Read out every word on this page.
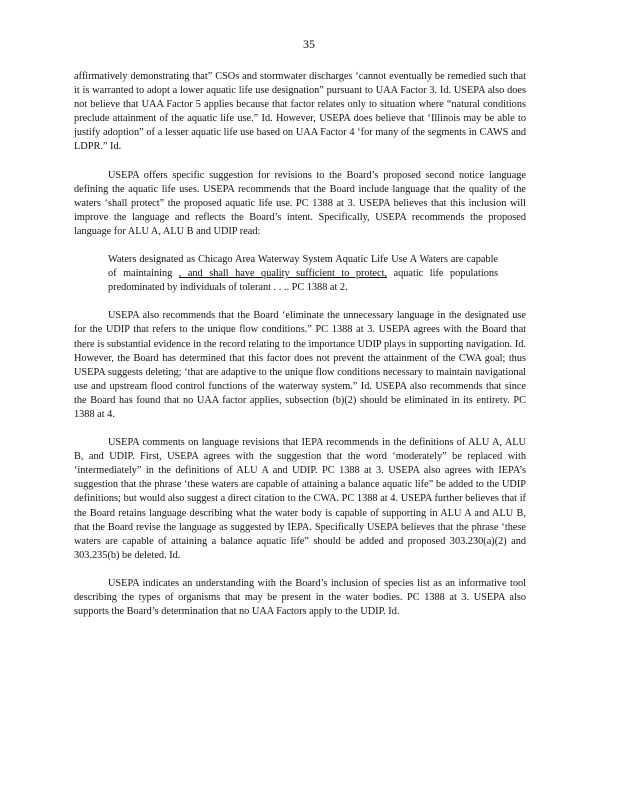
35

affirmatively demonstrating that” CSOs and stormwater discharges ‘cannot eventually be remedied such that it is warranted to adopt a lower aquatic life use designation” pursuant to UAA Factor 3. Id. USEPA also does not believe that UAA Factor 5 applies because that factor relates only to situation where “natural conditions preclude attainment of the aquatic life use.” Id. However, USEPA does believe that ‘Illinois may be able to justify adoption” of a lesser aquatic life use based on UAA Factor 4 ‘for many of the segments in CAWS and LDPR.” Id.

USEPA offers specific suggestion for revisions to the Board’s proposed second notice language defining the aquatic life uses. USEPA recommends that the Board include language that the quality of the waters ‘shall protect” the proposed aquatic life use. PC 1388 at 3. USEPA believes that this inclusion will improve the language and reflects the Board’s intent. Specifically, USEPA recommends the proposed language for ALU A, ALU B and UDIP read:

Waters designated as Chicago Area Waterway System Aquatic Life Use A Waters are capable of maintaining , and shall have quality sufficient to protect, aquatic life populations predominated by individuals of tolerant . . .. PC 1388 at 2.

USEPA also recommends that the Board ‘eliminate the unnecessary language in the designated use for the UDIP that refers to the unique flow conditions.” PC 1388 at 3. USEPA agrees with the Board that there is substantial evidence in the record relating to the importance UDIP plays in supporting navigation. Id. However, the Board has determined that this factor does not prevent the attainment of the CWA goal; thus USEPA suggests deleting; ‘that are adaptive to the unique flow conditions necessary to maintain navigational use and upstream flood control functions of the waterway system.” Id. USEPA also recommends that since the Board has found that no UAA factor applies, subsection (b)(2) should be eliminated in its entirety. PC 1388 at 4.

USEPA comments on language revisions that IEPA recommends in the definitions of ALU A, ALU B, and UDIP. First, USEPA agrees with the suggestion that the word ‘moderately” be replaced with ‘intermediately” in the definitions of ALU A and UDIP. PC 1388 at 3. USEPA also agrees with IEPA’s suggestion that the phrase ‘these waters are capable of attaining a balance aquatic life” be added to the UDIP definitions; but would also suggest a direct citation to the CWA. PC 1388 at 4. USEPA further believes that if the Board retains language describing what the water body is capable of supporting in ALU A and ALU B, that the Board revise the language as suggested by IEPA. Specifically USEPA believes that the phrase ‘these waters are capable of attaining a balance aquatic life” should be added and proposed 303.230(a)(2) and 303.235(b) be deleted. Id.

USEPA indicates an understanding with the Board’s inclusion of species list as an informative tool describing the types of organisms that may be present in the water bodies. PC 1388 at 3. USEPA also supports the Board’s determination that no UAA Factors apply to the UDIP. Id.
